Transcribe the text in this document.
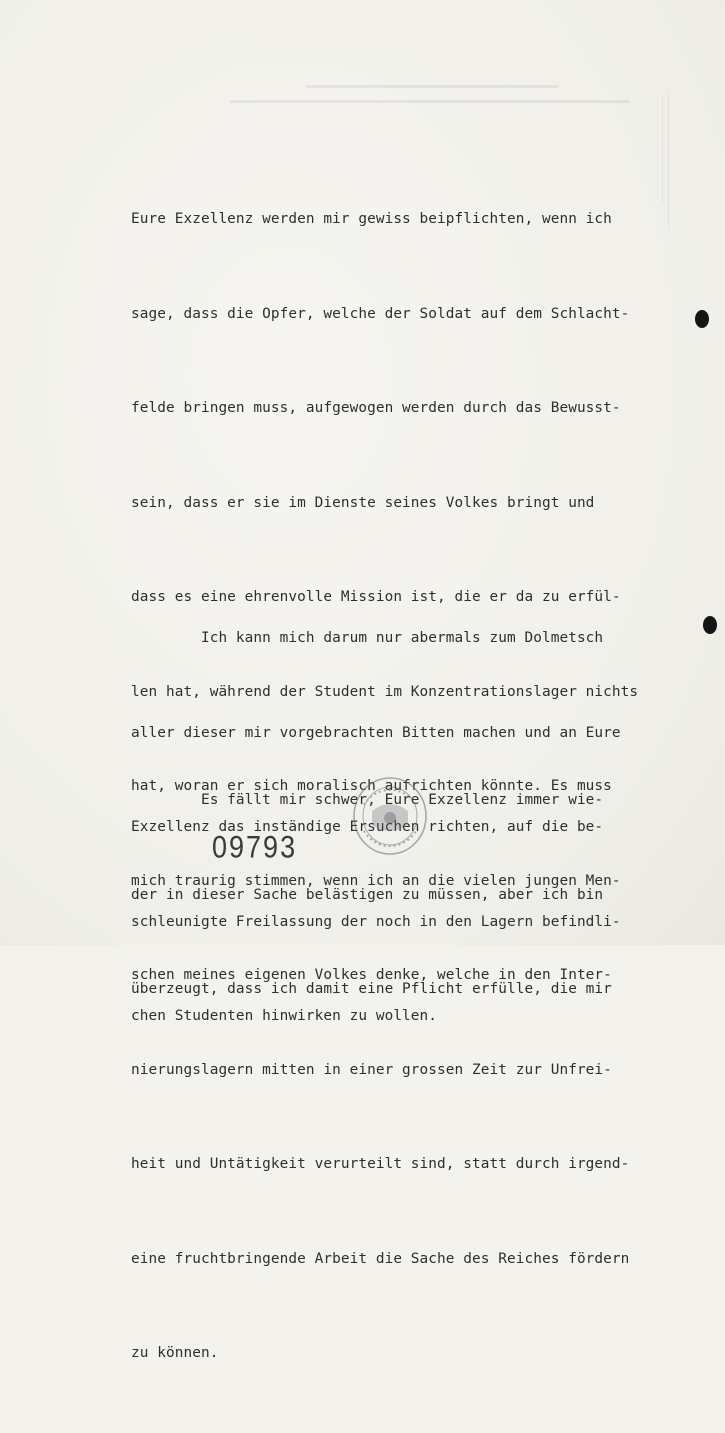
Eure Exzellenz werden mir gewiss beipflichten, wenn ich

sage, dass die Opfer, welche der Soldat auf dem Schlacht-

felde bringen muss, aufgewogen werden durch das Bewusst-

sein, dass er sie im Dienste seines Volkes bringt und

dass es eine ehrenvolle Mission ist, die er da zu erfül-

len hat, während der Student im Konzentrationslager nichts

hat, woran er sich moralisch aufrichten könnte. Es muss

mich traurig stimmen, wenn ich an die vielen jungen Men-

schen meines eigenen Volkes denke, welche in den Inter-

nierungslagern mitten in einer grossen Zeit zur Unfrei-

heit und Untätigkeit verurteilt sind, statt durch irgend-

eine fruchtbringende Arbeit die Sache des Reiches fördern

zu können.

Ich kann mich darum nur abermals zum Dolmetsch

aller dieser mir vorgebrachten Bitten machen und an Eure

Exzellenz das inständige Ersuchen richten, auf die be-

schleunigte Freilassung der noch in den Lagern befindli-

chen Studenten hinwirken zu wollen.

Es fällt mir schwer, Eure Exzellenz immer wie-

der in dieser Sache belästigen zu müssen, aber ich bin

überzeugt, dass ich damit eine Pflicht erfülle, die mir

09793
